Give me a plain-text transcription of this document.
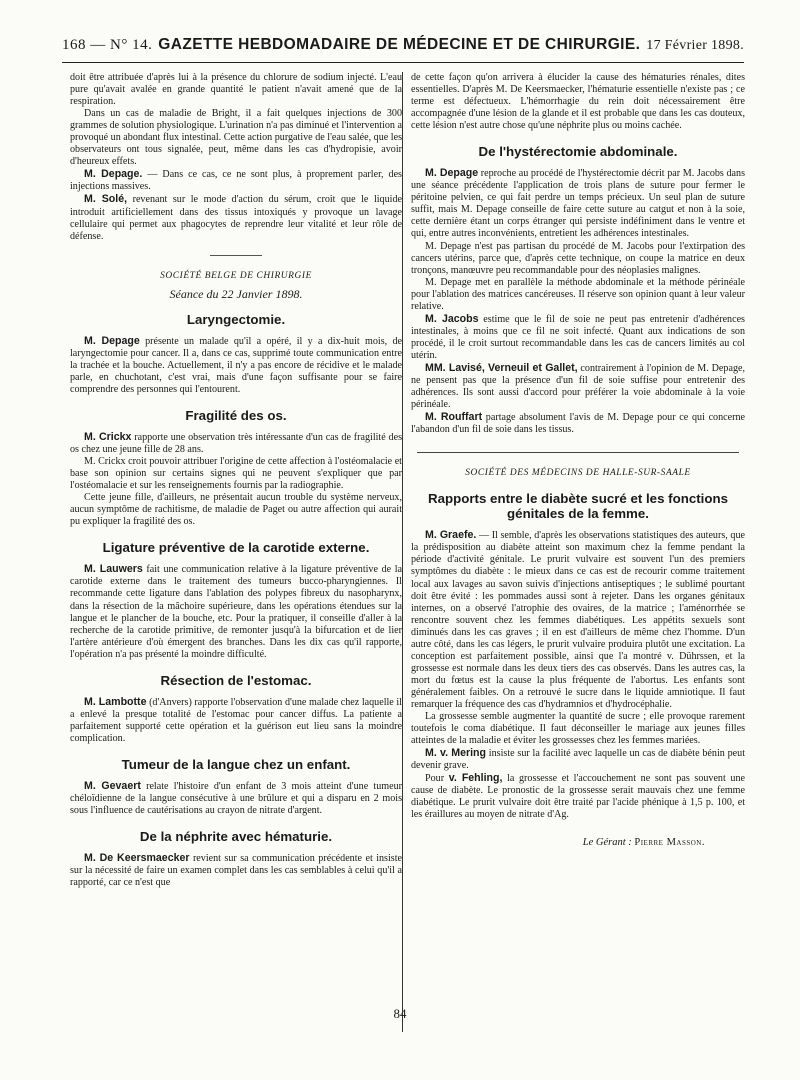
168 — N° 14. GAZETTE HEBDOMADAIRE DE MÉDECINE ET DE CHIRURGIE. 17 Février 1898.

doit être attribuée d'après lui à la présence du chlorure de sodium injecté. L'eau pure qu'avait avalée en grande quantité le patient n'avait amené que de la respiration.

Dans un cas de maladie de Bright, il a fait quelques injections de 300 grammes de solution physiologique. L'urination n'a pas diminué et l'intervention a provoqué un abondant flux intestinal. Cette action purgative de l'eau salée, que les observateurs ont tous signalée, peut, même dans les cas d'hydropisie, avoir d'heureux effets.

M. Depage. — Dans ce cas, ce ne sont plus, à proprement parler, des injections massives.

M. Solé, revenant sur le mode d'action du sérum, croit que le liquide introduit artificiellement dans des tissus intoxiqués y provoque un lavage cellulaire qui permet aux phagocytes de reprendre leur vitalité et leur rôle de défense.

SOCIÉTÉ BELGE DE CHIRURGIE
Séance du 22 Janvier 1898.
Laryngectomie.

M. Depage présente un malade qu'il a opéré, il y a dix-huit mois, de laryngectomie pour cancer. Il a, dans ce cas, supprimé toute communication entre la trachée et la bouche. Actuellement, il n'y a pas encore de récidive et le malade parle, en chuchotant, c'est vrai, mais d'une façon suffisante pour se faire comprendre des personnes qui l'entourent.

Fragilité des os.

M. Crickx rapporte une observation très intéressante d'un cas de fragilité des os chez une jeune fille de 28 ans.

M. Crickx croit pouvoir attribuer l'origine de cette affection à l'ostéomalacie et base son opinion sur certains signes qui ne peuvent s'expliquer que par l'ostéomalacie et sur les renseignements fournis par la radiographie.

Cette jeune fille, d'ailleurs, ne présentait aucun trouble du système nerveux, aucun symptôme de rachitisme, de maladie de Paget ou autre affection qui aurait pu expliquer la fragilité des os.

Ligature préventive de la carotide externe.

M. Lauwers fait une communication relative à la ligature préventive de la carotide externe dans le traitement des tumeurs bucco-pharyngiennes. Il recommande cette ligature dans l'ablation des polypes fibreux du nasopharynx, dans la résection de la mâchoire supérieure, dans les opérations étendues sur la langue et le plancher de la bouche, etc. Pour la pratiquer, il conseille d'aller à la recherche de la carotide primitive, de remonter jusqu'à la bifurcation et de lier l'artère antérieure d'où émergent des branches. Dans les dix cas qu'il rapporte, l'opération n'a pas présenté la moindre difficulté.

Résection de l'estomac.

M. Lambotte (d'Anvers) rapporte l'observation d'une malade chez laquelle il a enlevé la presque totalité de l'estomac pour cancer diffus. La patiente a parfaitement supporté cette opération et la guérison eut lieu sans la moindre complication.

Tumeur de la langue chez un enfant.

M. Gevaert relate l'histoire d'un enfant de 3 mois atteint d'une tumeur chéloïdienne de la langue consécutive à une brûlure et qui a disparu en 2 mois sous l'influence de cautérisations au crayon de nitrate d'argent.

De la néphrite avec hématurie.

M. De Keersmaecker revient sur sa communication précédente et insiste sur la nécessité de faire un examen complet dans les cas semblables à celui qu'il a rapporté, car ce n'est que

de cette façon qu'on arrivera à élucider la cause des hématuries rénales, dites essentielles. D'après M. De Keersmaecker, l'hématurie essentielle n'existe pas ; ce terme est défectueux. L'hémorrhagie du rein doit nécessairement être accompagnée d'une lésion de la glande et il est probable que dans les cas douteux, cette lésion n'est autre chose qu'une néphrite plus ou moins cachée.

De l'hystérectomie abdominale.

M. Depage reproche au procédé de l'hystérectomie décrit par M. Jacobs dans une séance précédente l'application de trois plans de suture pour fermer le péritoine pelvien, ce qui fait perdre un temps précieux. Un seul plan de suture suffit, mais M. Depage conseille de faire cette suture au catgut et non à la soie, cette dernière étant un corps étranger qui persiste indéfiniment dans le ventre et qui, entre autres inconvénients, entretient les adhérences intestinales.

M. Depage n'est pas partisan du procédé de M. Jacobs pour l'extirpation des cancers utérins, parce que, d'après cette technique, on coupe la matrice en deux tronçons, manœuvre peu recommandable pour des néoplasies malignes.

M. Depage met en parallèle la méthode abdominale et la méthode périnéale pour l'ablation des matrices cancéreuses. Il réserve son opinion quant à leur valeur relative.

M. Jacobs estime que le fil de soie ne peut pas entretenir d'adhérences intestinales, à moins que ce fil ne soit infecté. Quant aux indications de son procédé, il le croit surtout recommandable dans les cas de cancers limités au col utérin.

MM. Lavisé, Verneuil et Gallet, contrairement à l'opinion de M. Depage, ne pensent pas que la présence d'un fil de soie suffise pour entretenir des adhérences. Ils sont aussi d'accord pour préférer la voie abdominale à la voie périnéale.

M. Rouffart partage absolument l'avis de M. Depage pour ce qui concerne l'abandon d'un fil de soie dans les tissus.

SOCIÉTÉ DES MÉDECINS DE HALLE-SUR-SAALE
Rapports entre le diabète sucré et les fonctions génitales de la femme.

M. Graefe. — Il semble, d'après les observations statistiques des auteurs, que la prédisposition au diabète atteint son maximum chez la femme pendant la période d'activité génitale. Le prurit vulvaire est souvent l'un des premiers symptômes du diabète : le mieux dans ce cas est de recourir comme traitement local aux lavages au savon suivis d'injections antiseptiques ; le sublimé pourtant doit être évité : les pommades aussi sont à rejeter. Dans les organes génitaux internes, on a observé l'atrophie des ovaires, de la matrice ; l'aménorrhée se rencontre souvent chez les femmes diabétiques. Les appétits sexuels sont diminués dans les cas graves ; il en est d'ailleurs de même chez l'homme. D'un autre côté, dans les cas légers, le prurit vulvaire produira plutôt une excitation. La conception est parfaitement possible, ainsi que l'a montré v. Dührssen, et la grossesse est normale dans les deux tiers des cas observés. Dans les autres cas, la mort du fœtus est la cause la plus fréquente de l'abortus. Les enfants sont généralement faibles. On a retrouvé le sucre dans le liquide amniotique. Il faut remarquer la fréquence des cas d'hydramnios et d'hydrocéphalie.

La grossesse semble augmenter la quantité de sucre ; elle provoque rarement toutefois le coma diabétique. Il faut déconseiller le mariage aux jeunes filles atteintes de la maladie et éviter les grossesses chez les femmes mariées.

M. v. Mering insiste sur la facilité avec laquelle un cas de diabète bénin peut devenir grave.

Pour v. Fehling, la grossesse et l'accouchement ne sont pas souvent une cause de diabète. Le pronostic de la grossesse serait mauvais chez une femme diabétique. Le prurit vulvaire doit être traité par l'acide phénique à 1,5 p. 100, et les éraillures au moyen de nitrate d'Ag.

Le Gérant : Pierre Masson.
84
